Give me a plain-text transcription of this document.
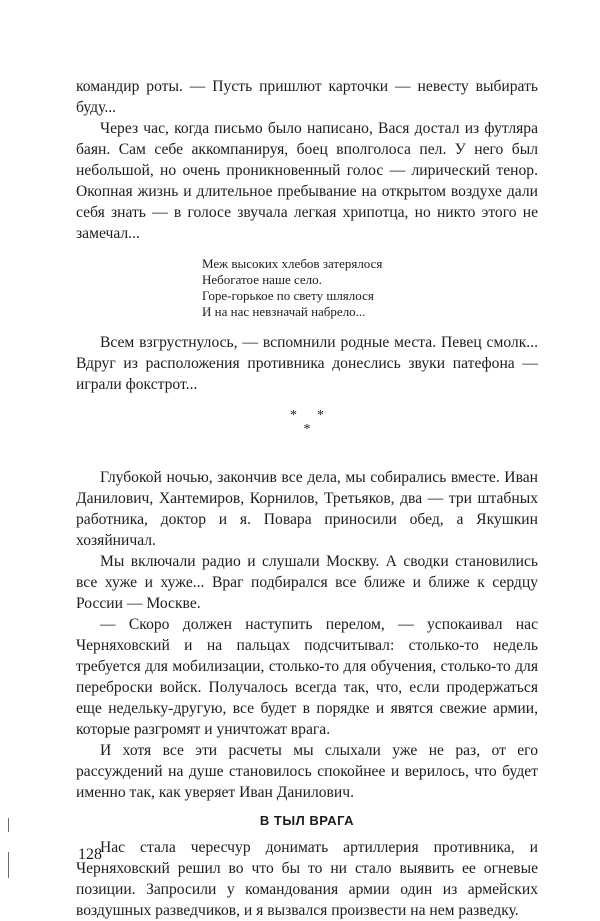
командир роты. — Пусть пришлют карточки — невесту выбирать буду...

Через час, когда письмо было написано, Вася достал из футляра баян. Сам себе аккомпанируя, боец вполголоса пел. У него был небольшой, но очень проникновенный голос — лирический тенор. Окопная жизнь и длительное пребывание на открытом воздухе дали себя знать — в голосе звучала легкая хрипотца, но никто этого не замечал...

Меж высоких хлебов затерялося
Небогатое наше село.
Горе-горькое по свету шлялося
И на нас невзначай набрело...

Всем взгрустнулось, — вспомнили родные места. Певец смолк... Вдруг из расположения противника донеслись звуки патефона — играли фокстрот...

* *
*

Глубокой ночью, закончив все дела, мы собирались вместе. Иван Данилович, Хантемиров, Корнилов, Третьяков, два — три штабных работника, доктор и я. Повара приносили обед, а Якушкин хозяйничал.

Мы включали радио и слушали Москву. А сводки становились все хуже и хуже... Враг подбирался все ближе и ближе к сердцу России — Москве.

— Скоро должен наступить перелом, — успокаивал нас Черняховский и на пальцах подсчитывал: столько-то недель требуется для мобилизации, столько-то для обучения, столько-то для переброски войск. Получалось всегда так, что, если продержаться еще недельку-другую, все будет в порядке и явятся свежие армии, которые разгромят и уничтожат врага.

И хотя все эти расчеты мы слыхали уже не раз, от его рассуждений на душе становилось спокойнее и верилось, что будет именно так, как уверяет Иван Данилович.

В ТЫЛ ВРАГА

Нас стала чересчур донимать артиллерия противника, и Черняховский решил во что бы то ни стало выявить ее огневые позиции. Запросили у командования армии один из армейских воздушных разведчиков, и я вызвался произвести на нем разведку.

128
